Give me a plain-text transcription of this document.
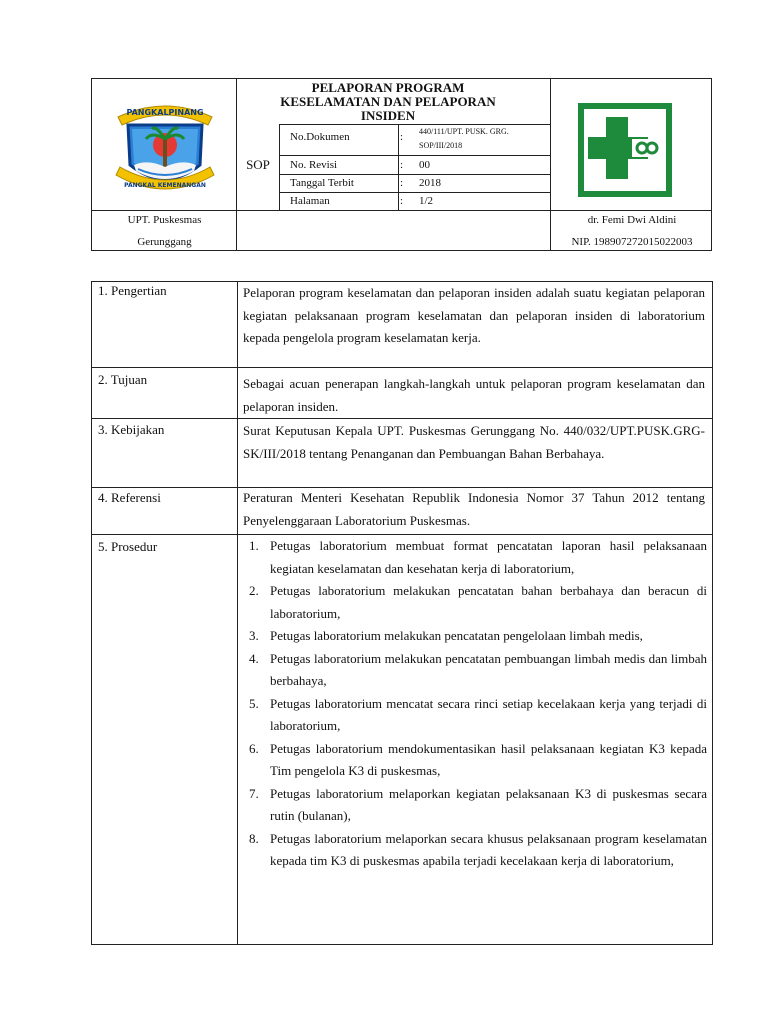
PANGKALPINANG
PANGKAL KEMENANGAN
PELAPORAN PROGRAM
KESELAMATAN DAN PELAPORAN
INSIDEN
SOP
No.Dokumen	: 440/111/UPT. PUSK. GRG. SOP/III/2018
No. Revisi	: 00
Tanggal Terbit	: 2018
Halaman	: 1/2
UPT. Puskesmas
Gerunggang
dr. Femi Dwi Aldini
NIP. 198907272015022003
1. Pengertian	Pelaporan program keselamatan dan pelaporan insiden adalah suatu kegiatan pelaporan kegiatan pelaksanaan program keselamatan dan pelaporan insiden di laboratorium kepada pengelola program keselamatan kerja.
2. Tujuan	Sebagai acuan penerapan langkah-langkah untuk pelaporan program keselamatan dan pelaporan insiden.
3. Kebijakan	Surat Keputusan Kepala UPT. Puskesmas Gerunggang No. 440/032/UPT.PUSK.GRG-SK/III/2018 tentang Penanganan dan Pembuangan Bahan Berbahaya.
4. Referensi	Peraturan Menteri Kesehatan Republik Indonesia Nomor 37 Tahun 2012 tentang Penyelenggaraan Laboratorium Puskesmas.
5. Prosedur	1. Petugas laboratorium membuat format pencatatan laporan hasil pelaksanaan kegiatan keselamatan dan kesehatan kerja di laboratorium,
2. Petugas laboratorium melakukan pencatatan bahan berbahaya dan beracun di laboratorium,
3. Petugas laboratorium melakukan pencatatan pengelolaan limbah medis,
4. Petugas laboratorium melakukan pencatatan pembuangan limbah medis dan limbah berbahaya,
5. Petugas laboratorium mencatat secara rinci setiap kecelakaan kerja yang terjadi di laboratorium,
6. Petugas laboratorium mendokumentasikan hasil pelaksanaan kegiatan K3 kepada Tim pengelola K3 di puskesmas,
7. Petugas laboratorium melaporkan kegiatan pelaksanaan K3 di puskesmas secara rutin (bulanan),
8. Petugas laboratorium melaporkan secara khusus pelaksanaan program keselamatan kepada tim K3 di puskesmas apabila terjadi kecelakaan kerja di laboratorium,
